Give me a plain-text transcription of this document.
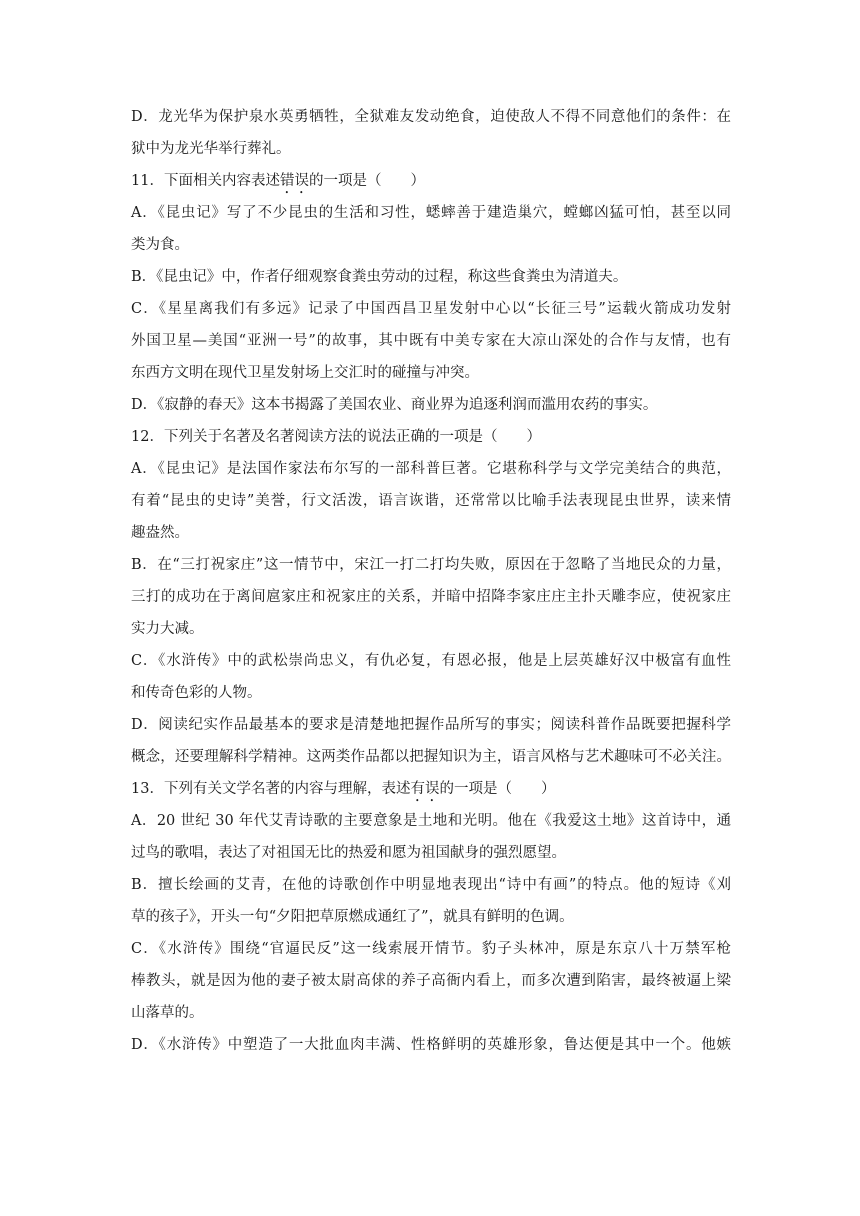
D．龙光华为保护泉水英勇牺牲，全狱难友发动绝食，迫使敌人不得不同意他们的条件：在
狱中为龙光华举行葬礼。
11．下面相关内容表述错误的一项是（　　）
A．《昆虫记》写了不少昆虫的生活和习性，蟋蟀善于建造巢穴，螳螂凶猛可怕，甚至以同
类为食。
B．《昆虫记》中，作者仔细观察食粪虫劳动的过程，称这些食粪虫为清道夫。
C．《星星离我们有多远》记录了中国西昌卫星发射中心以“长征三号”运载火箭成功发射
外国卫星—美国“亚洲一号”的故事，其中既有中美专家在大凉山深处的合作与友情，也有
东西方文明在现代卫星发射场上交汇时的碰撞与冲突。
D．《寂静的春天》这本书揭露了美国农业、商业界为追逐利润而滥用农药的事实。
12．下列关于名著及名著阅读方法的说法正确的一项是（　　）
A．《昆虫记》是法国作家法布尔写的一部科普巨著。它堪称科学与文学完美结合的典范，
有着“昆虫的史诗”美誉，行文活泼，语言诙谐，还常常以比喻手法表现昆虫世界，读来情
趣盎然。
B．在“三打祝家庄”这一情节中，宋江一打二打均失败，原因在于忽略了当地民众的力量，
三打的成功在于离间扈家庄和祝家庄的关系，并暗中招降李家庄庄主扑天雕李应，使祝家庄
实力大减。
C．《水浒传》中的武松崇尚忠义，有仇必复，有恩必报，他是上层英雄好汉中极富有血性
和传奇色彩的人物。
D．阅读纪实作品最基本的要求是清楚地把握作品所写的事实；阅读科普作品既要把握科学
概念，还要理解科学精神。这两类作品都以把握知识为主，语言风格与艺术趣味可不必关注。
13．下列有关文学名著的内容与理解，表述有误的一项是（　　）
A．20 世纪 30 年代艾青诗歌的主要意象是土地和光明。他在《我爱这土地》这首诗中，通
过鸟的歌唱，表达了对祖国无比的热爱和愿为祖国献身的强烈愿望。
B．擅长绘画的艾青，在他的诗歌创作中明显地表现出“诗中有画”的特点。他的短诗《刈
草的孩子》，开头一句“夕阳把草原燃成通红了”，就具有鲜明的色调。
C．《水浒传》围绕“官逼民反”这一线索展开情节。豹子头林冲，原是东京八十万禁军枪
棒教头，就是因为他的妻子被太尉高俅的养子高衙内看上，而多次遭到陷害，最终被逼上梁
山落草的。
D．《水浒传》中塑造了一大批血肉丰满、性格鲜明的英雄形象，鲁达便是其中一个。他嫉
